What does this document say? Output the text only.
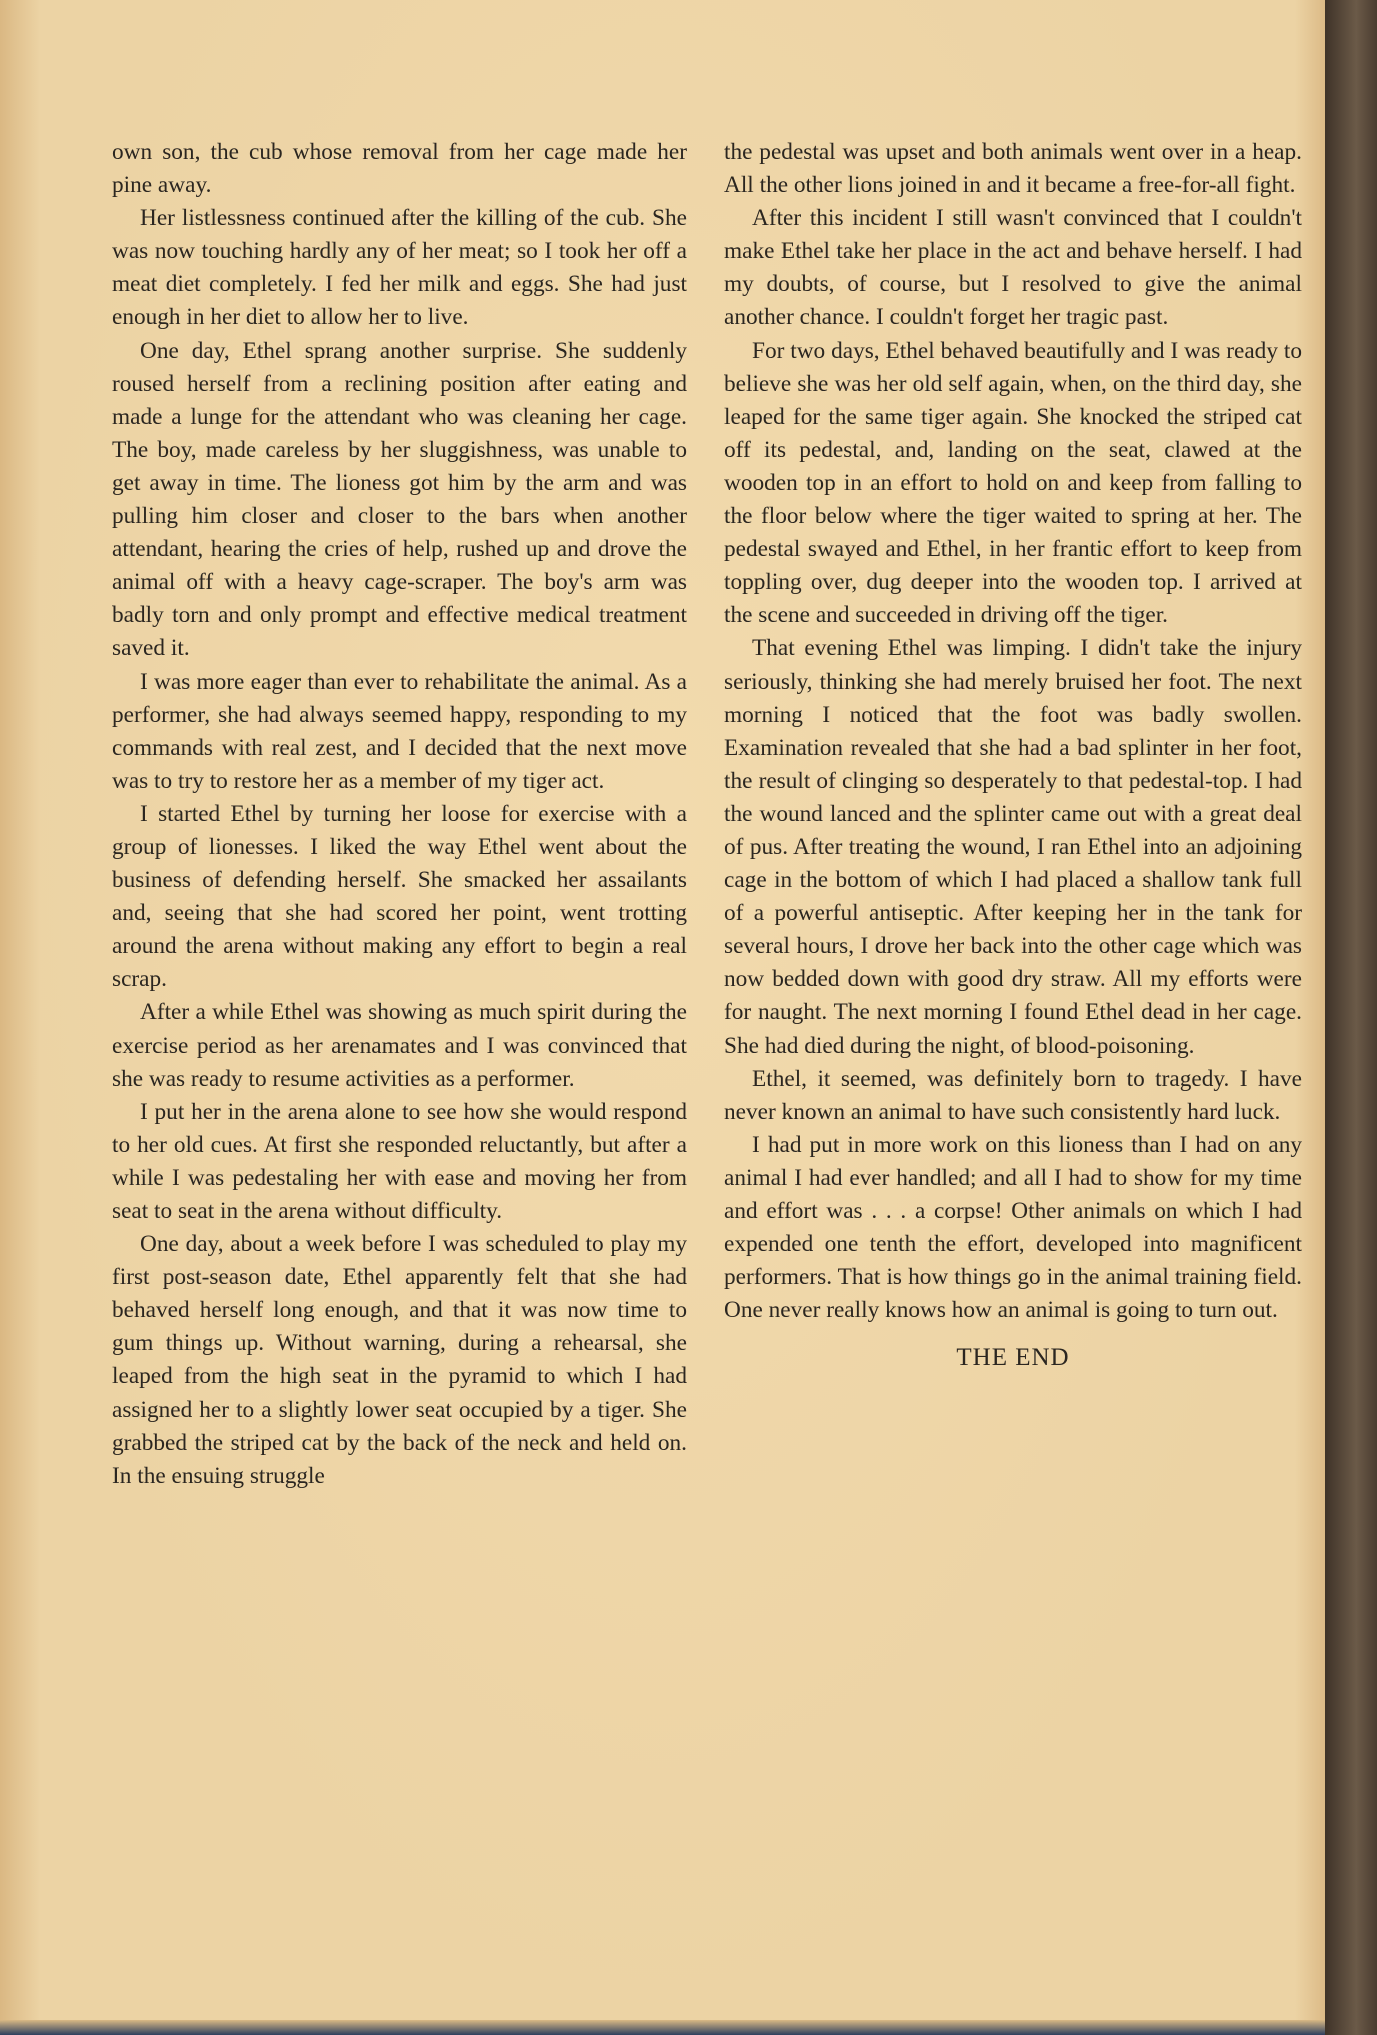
own son, the cub whose removal from her cage made her pine away.

Her listlessness continued after the killing of the cub. She was now touching hardly any of her meat; so I took her off a meat diet completely. I fed her milk and eggs. She had just enough in her diet to allow her to live.

One day, Ethel sprang another surprise. She suddenly roused herself from a reclining position after eating and made a lunge for the attendant who was cleaning her cage. The boy, made careless by her sluggishness, was unable to get away in time. The lioness got him by the arm and was pulling him closer and closer to the bars when another attendant, hearing the cries of help, rushed up and drove the animal off with a heavy cage-scraper. The boy's arm was badly torn and only prompt and effective medical treatment saved it.

I was more eager than ever to rehabilitate the animal. As a performer, she had always seemed happy, responding to my commands with real zest, and I decided that the next move was to try to restore her as a member of my tiger act.

I started Ethel by turning her loose for exercise with a group of lionesses. I liked the way Ethel went about the business of defending herself. She smacked her assailants and, seeing that she had scored her point, went trotting around the arena without making any effort to begin a real scrap.

After a while Ethel was showing as much spirit during the exercise period as her arenamates and I was convinced that she was ready to resume activities as a performer.

I put her in the arena alone to see how she would respond to her old cues. At first she responded reluctantly, but after a while I was pedestaling her with ease and moving her from seat to seat in the arena without difficulty.

One day, about a week before I was scheduled to play my first post-season date, Ethel apparently felt that she had behaved herself long enough, and that it was now time to gum things up. Without warning, during a rehearsal, she leaped from the high seat in the pyramid to which I had assigned her to a slightly lower seat occupied by a tiger. She grabbed the striped cat by the back of the neck and held on. In the ensuing struggle

the pedestal was upset and both animals went over in a heap. All the other lions joined in and it became a free-for-all fight.

After this incident I still wasn't convinced that I couldn't make Ethel take her place in the act and behave herself. I had my doubts, of course, but I resolved to give the animal another chance. I couldn't forget her tragic past.

For two days, Ethel behaved beautifully and I was ready to believe she was her old self again, when, on the third day, she leaped for the same tiger again. She knocked the striped cat off its pedestal, and, landing on the seat, clawed at the wooden top in an effort to hold on and keep from falling to the floor below where the tiger waited to spring at her. The pedestal swayed and Ethel, in her frantic effort to keep from toppling over, dug deeper into the wooden top. I arrived at the scene and succeeded in driving off the tiger.

That evening Ethel was limping. I didn't take the injury seriously, thinking she had merely bruised her foot. The next morning I noticed that the foot was badly swollen. Examination revealed that she had a bad splinter in her foot, the result of clinging so desperately to that pedestal-top. I had the wound lanced and the splinter came out with a great deal of pus. After treating the wound, I ran Ethel into an adjoining cage in the bottom of which I had placed a shallow tank full of a powerful antiseptic. After keeping her in the tank for several hours, I drove her back into the other cage which was now bedded down with good dry straw. All my efforts were for naught. The next morning I found Ethel dead in her cage. She had died during the night, of blood-poisoning.

Ethel, it seemed, was definitely born to tragedy. I have never known an animal to have such consistently hard luck.

I had put in more work on this lioness than I had on any animal I had ever handled; and all I had to show for my time and effort was . . . a corpse! Other animals on which I had expended one tenth the effort, developed into magnificent performers. That is how things go in the animal training field. One never really knows how an animal is going to turn out.

THE END
